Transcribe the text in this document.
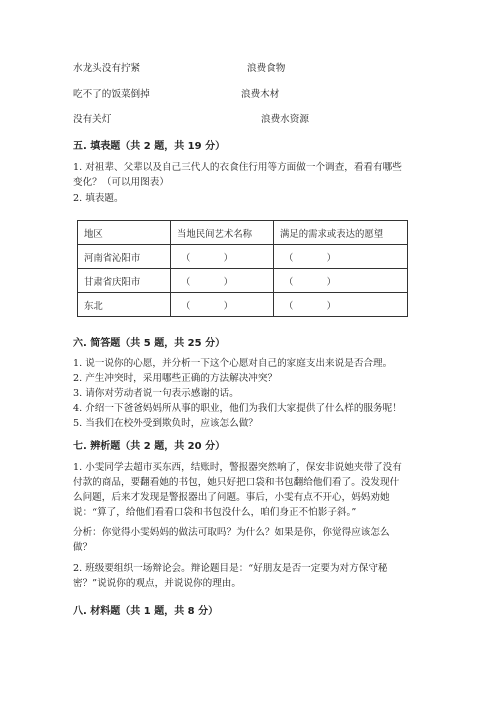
水龙头没有拧紧	浪费食物
吃不了的饭菜倒掉	浪费木材
没有关灯	浪费水资源
五. 填表题（共 2 题，共 19 分）
1. 对祖辈、父辈以及自己三代人的衣食住行用等方面做一个调查，看看有哪些
变化？（可以用图表）
2. 填表题。
地区	当地民间艺术名称	满足的需求或表达的愿望
河南省沁阳市	（ ）	（ ）

甘肃省庆阳市	（ ）	（ ）

东北	（ ）	（ ）
六. 简答题（共 5 题，共 25 分）
1. 说一说你的心愿，并分析一下这个心愿对自己的家庭支出来说是否合理。
2. 产生冲突时，采用哪些正确的方法解决冲突？
3. 请你对劳动者说一句表示感谢的话。
4. 介绍一下爸爸妈妈所从事的职业，他们为我们大家提供了什么样的服务呢！
5. 当我们在校外受到欺负时，应该怎么做？
七. 辨析题（共 2 题，共 20 分）
1. 小雯同学去超市买东西，结账时，警报器突然响了，保安非说她夹带了没有
付款的商品，要翻看她的书包，她只好把口袋和书包翻给他们看了。没发现什
么问题，后来才发现是警报器出了问题。事后，小雯有点不开心，妈妈劝她
说：“算了，给他们看看口袋和书包没什么，咱们身正不怕影子斜。”
分析：你觉得小雯妈妈的做法可取吗？为什么？如果是你，你觉得应该怎么
做？
2. 班级要组织一场辩论会。辩论题目是：“好朋友是否一定要为对方保守秘
密？”说说你的观点，并说说你的理由。
八. 材料题（共 1 题，共 8 分）
